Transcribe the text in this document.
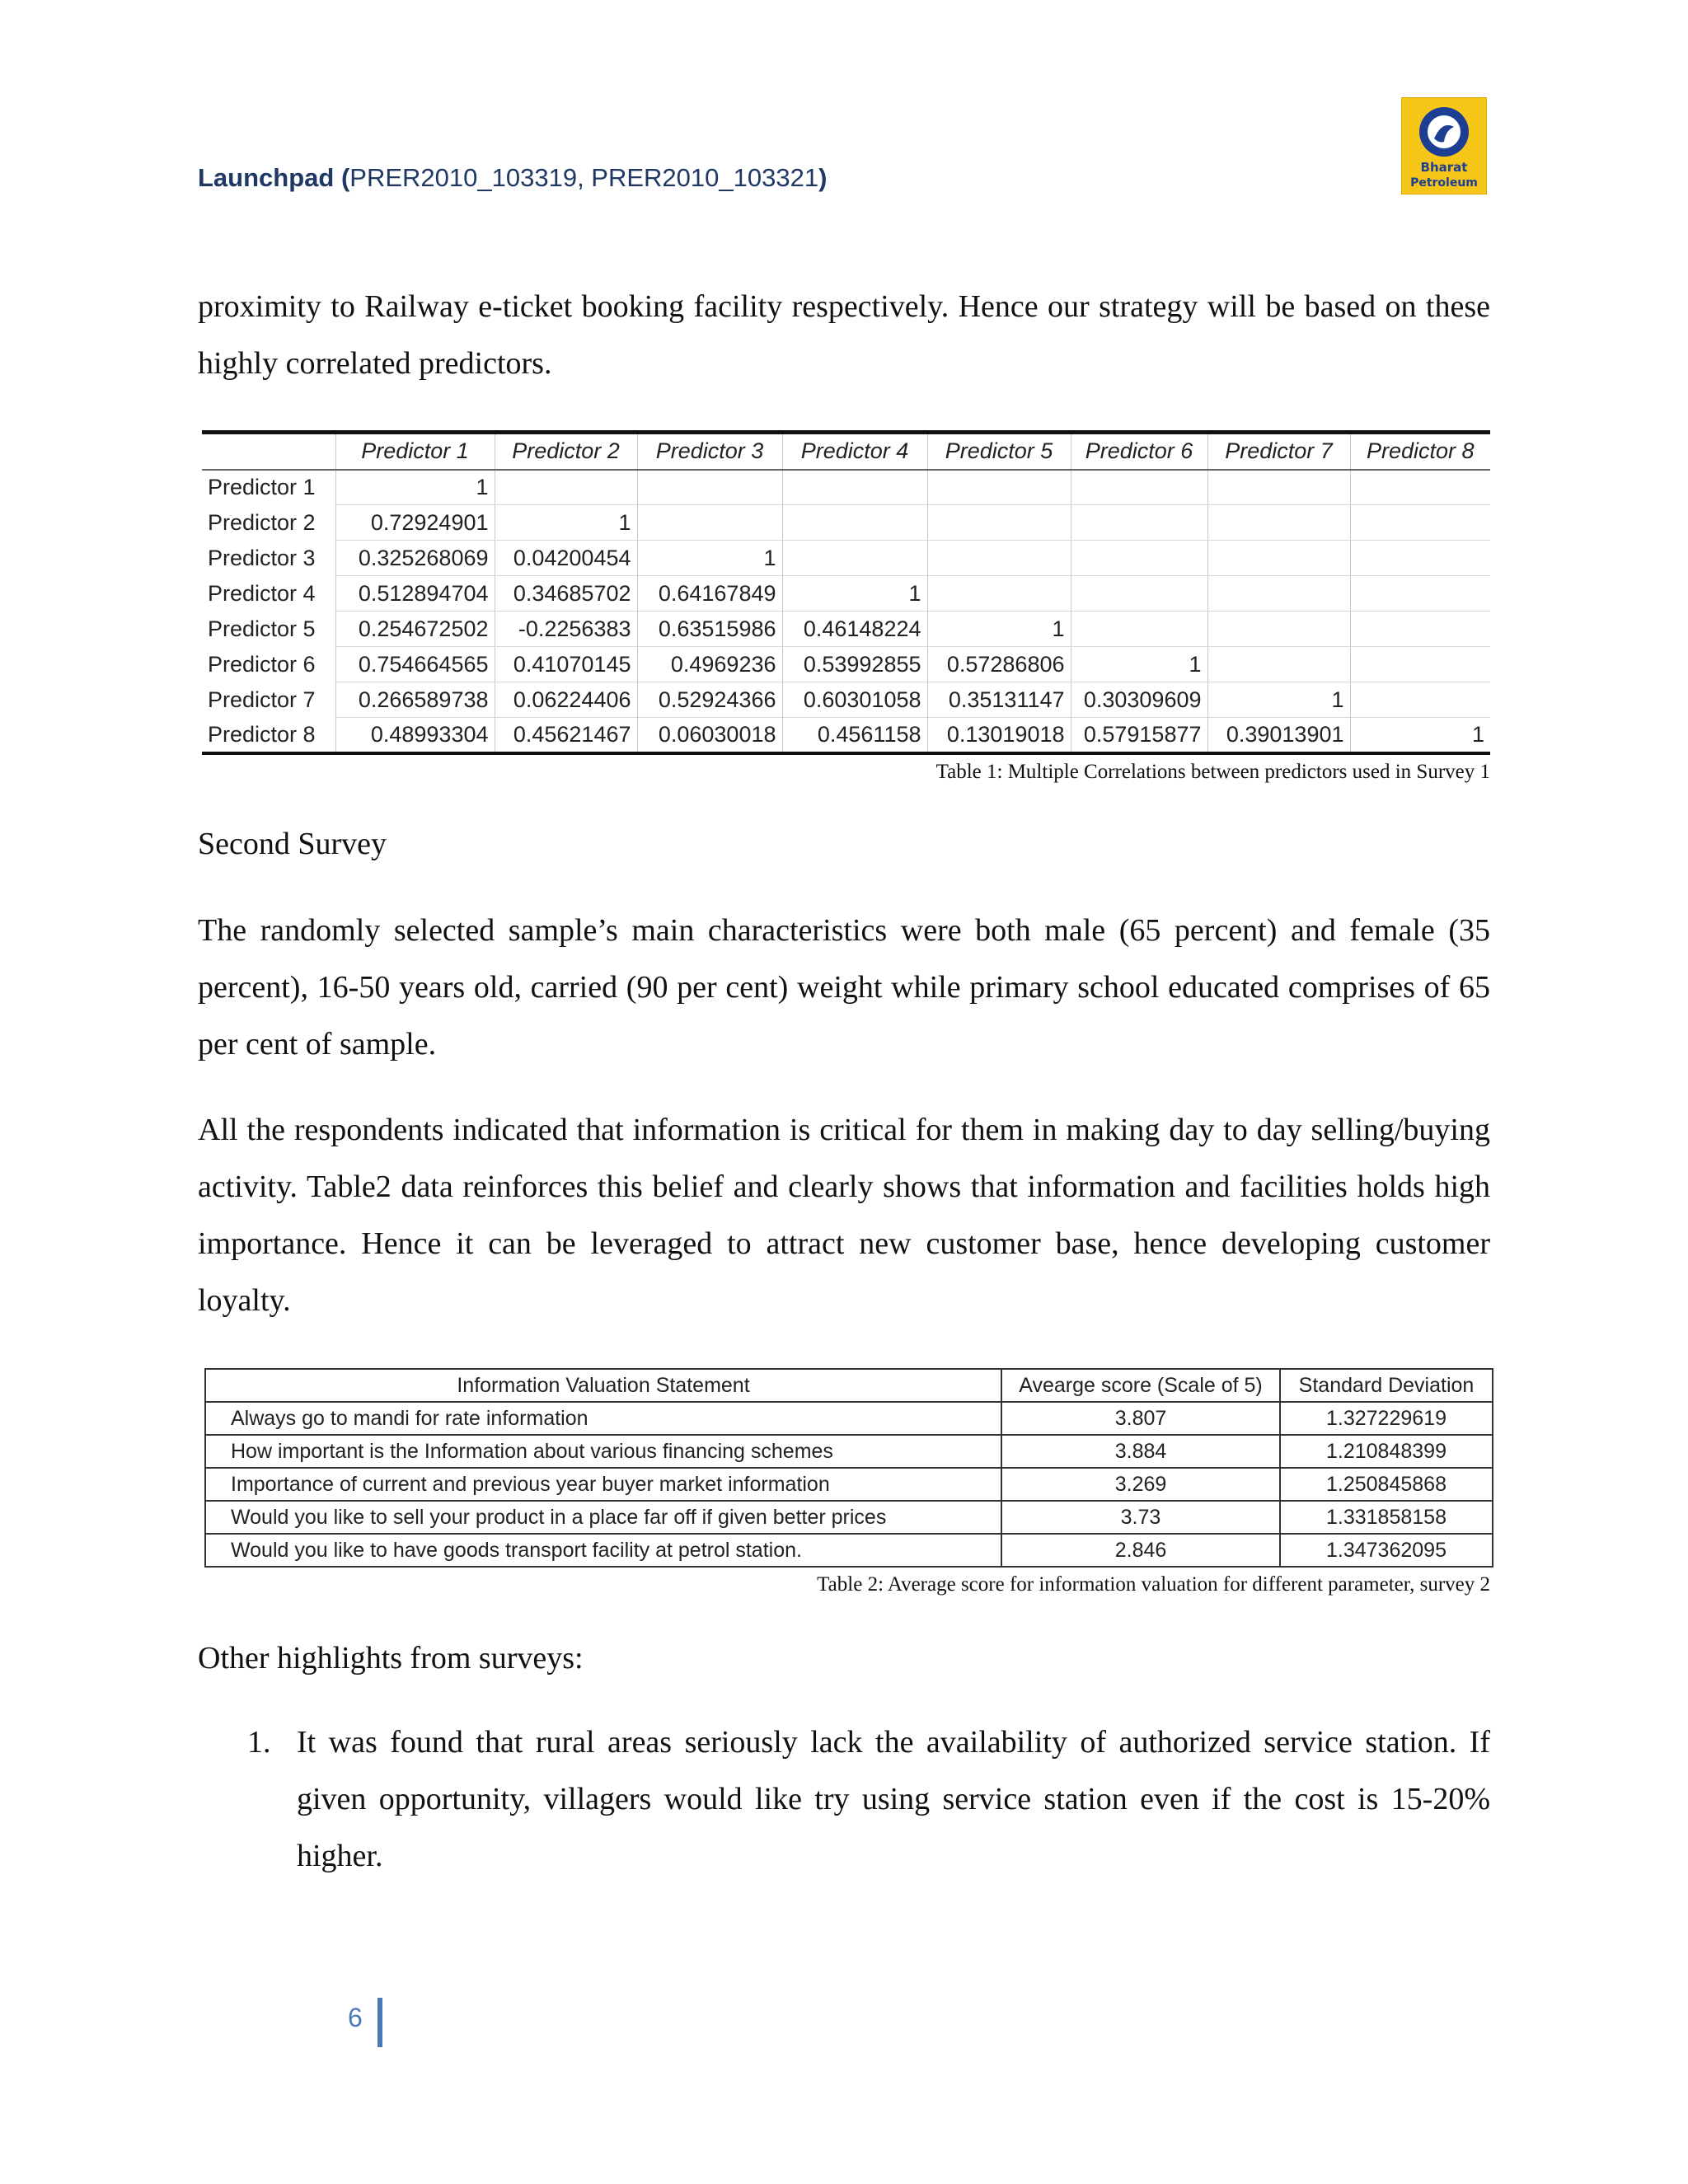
Launchpad (PRER2010_103319, PRER2010_103321)	Bharat
Petroleum

proximity to Railway e-ticket booking facility respectively. Hence our strategy will be based on these highly correlated predictors.

	Predictor 1	Predictor 2	Predictor 3	Predictor 4	Predictor 5	Predictor 6	Predictor 7	Predictor 8
Predictor 1	1							
Predictor 2	0.72924901	1						
Predictor 3	0.325268069	0.04200454	1					
Predictor 4	0.512894704	0.34685702	0.64167849	1				
Predictor 5	0.254672502	-0.2256383	0.63515986	0.46148224	1			
Predictor 6	0.754664565	0.41070145	0.4969236	0.53992855	0.57286806	1		
Predictor 7	0.266589738	0.06224406	0.52924366	0.60301058	0.35131147	0.30309609	1	
Predictor 8	0.48993304	0.45621467	0.06030018	0.4561158	0.13019018	0.57915877	0.39013901	1
Table 1: Multiple Correlations between predictors used in Survey 1

Second Survey

The randomly selected sample’s main characteristics were both male (65 percent) and female (35 percent), 16-50 years old, carried (90 per cent) weight while primary school educated comprises of 65 per cent of sample.

All the respondents indicated that information is critical for them in making day to day selling/buying activity. Table2 data reinforces this belief and clearly shows that information and facilities holds high importance. Hence it can be leveraged to attract new customer base, hence developing customer loyalty.

Information Valuation Statement	Avearge score (Scale of 5)	Standard Deviation
Always go to mandi for rate information	3.807	1.327229619
How important is the Information about various financing schemes	3.884	1.210848399
Importance of current and previous year buyer market information	3.269	1.250845868
Would you like to sell your product in a place far off if given better prices	3.73	1.331858158
Would you like to have goods transport facility at petrol station.	2.846	1.347362095
Table 2: Average score for information valuation for different parameter, survey 2

Other highlights from surveys:

1. It was found that rural areas seriously lack the availability of authorized service station. If given opportunity, villagers would like try using service station even if the cost is 15-20% higher.

6
